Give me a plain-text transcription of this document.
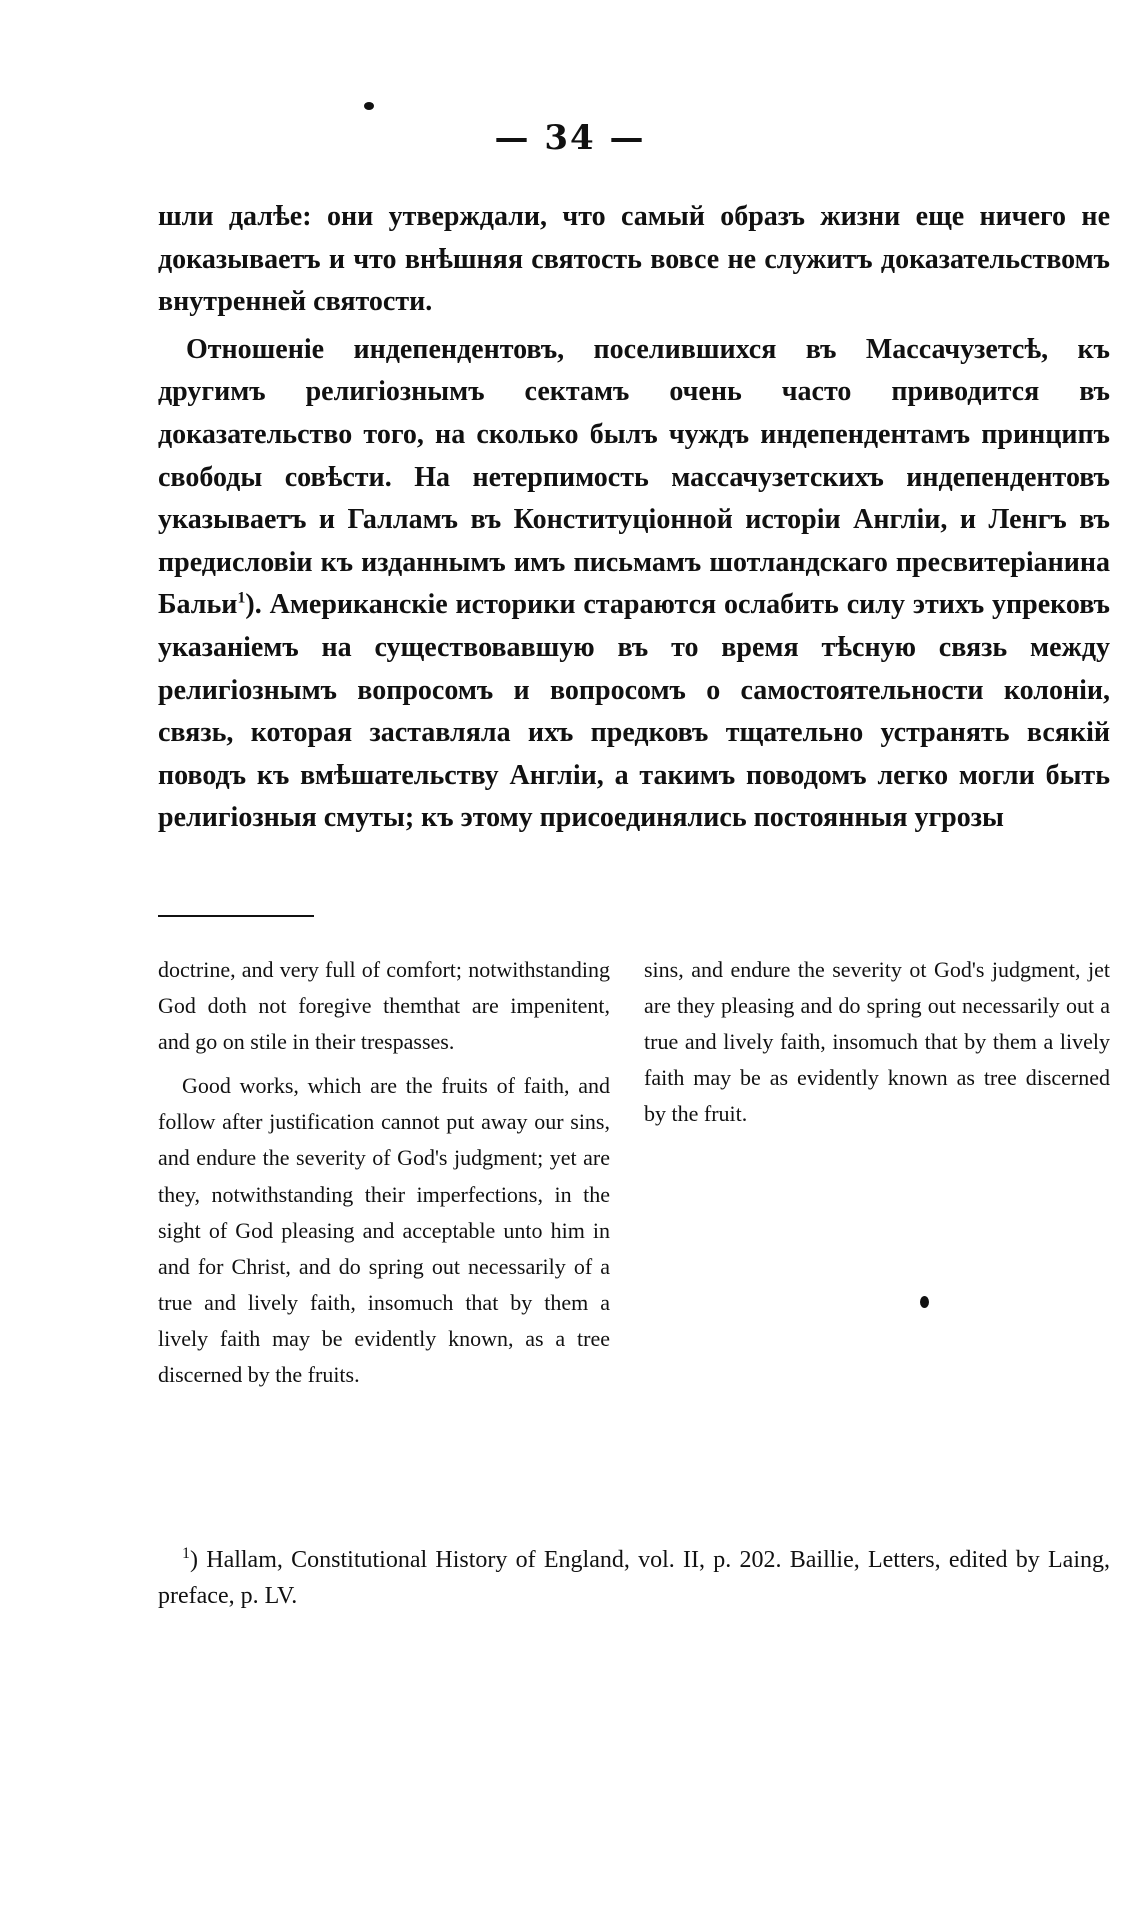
— 34 —

шли далѣе: они утверждали, что самый образъ жизни еще ничего не доказываетъ и что внѣшняя святость вовсе не служитъ доказательствомъ внутренней святости.

Отношеніе индепендентовъ, поселившихся въ Массачузетсѣ, къ другимъ религіознымъ сектамъ очень часто приводится въ доказательство того, на сколько былъ чуждъ индепендентамъ принципъ свободы совѣсти. На нетерпимость массачузетскихъ индепендентовъ указываетъ и Галламъ въ Конституціонной исторіи Англіи, и Ленгъ въ предисловіи къ изданнымъ имъ письмамъ шотландскаго пресвитеріанина Бальи$^1$). Американскіе историки стараются ослабить силу этихъ упрековъ указаніемъ на существовавшую въ то время тѣсную связь между религіознымъ вопросомъ и вопросомъ о самостоятельности колоніи, связь, которая заставляла ихъ предковъ тщательно устранять всякій поводъ къ вмѣшательству Англіи, а такимъ поводомъ легко могли быть религіозныя смуты; къ этому присоединялись постоянныя угрозы

doctrine, and very full of comfort; notwithstanding God doth not foregive themthat are impenitent, and go on stile in their trespasses.

Good works, which are the fruits of faith, and follow after justification cannot put away our sins, and endure the severity of God's judgment; yet are they, notwithstanding their imperfections, in the sight of God pleasing and acceptable unto him in and for Christ, and do spring out necessarily of a true and lively faith, insomuch that by them a lively faith may be evidently known, as a tree discerned by the fruits.

sins, and endure the severity ot God's judgment, jet are they pleasing and do spring out necessarily out a true and lively faith, insomuch that by them a lively faith may be as evidently known as tree discerned by the fruit.

$^1$) Hallam, Constitutional History of England, vol. II, p. 202. Baillie, Letters, edited by Laing, preface, p. LV.
